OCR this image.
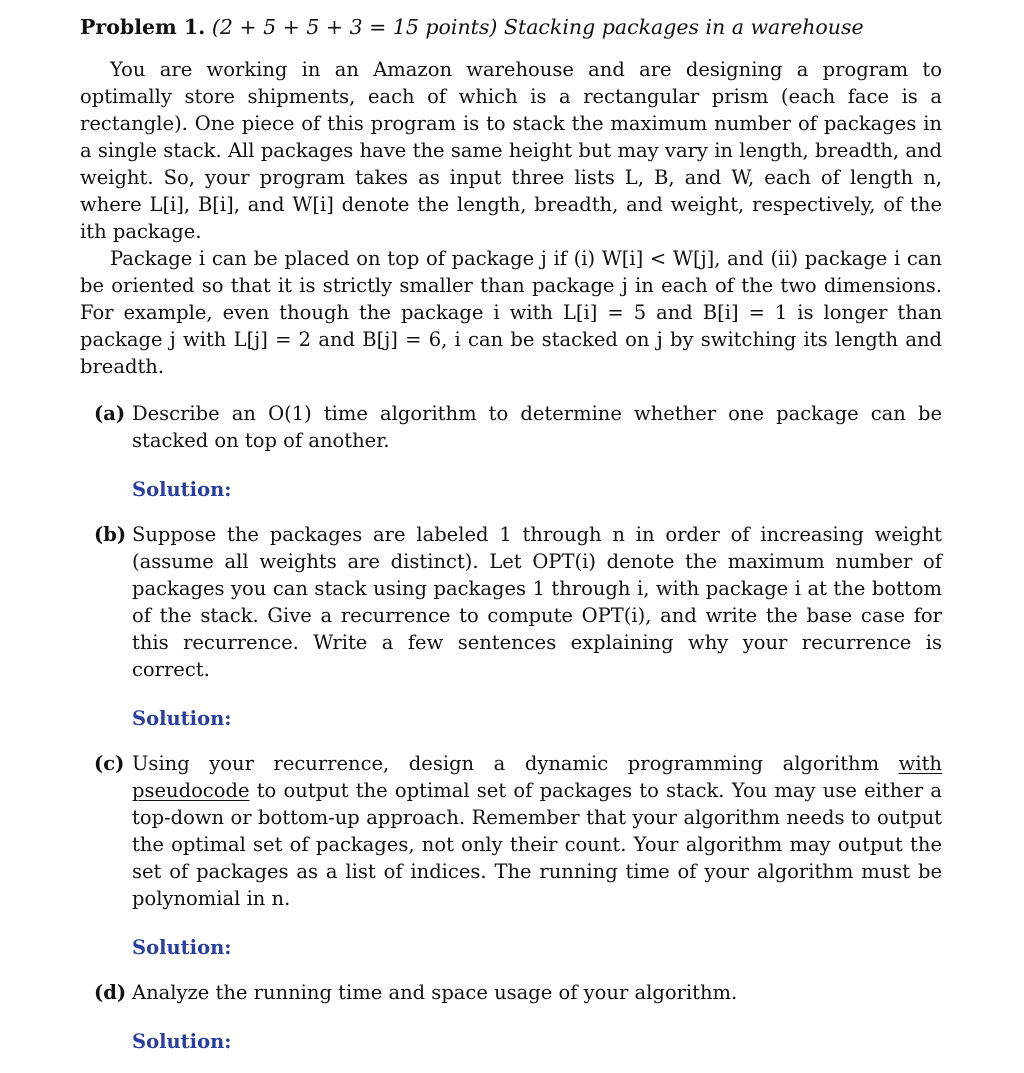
Problem 1. (2 + 5 + 5 + 3 = 15 points) Stacking packages in a warehouse

You are working in an Amazon warehouse and are designing a program to optimally store shipments, each of which is a rectangular prism (each face is a rectangle). One piece of this program is to stack the maximum number of packages in a single stack. All packages have the same height but may vary in length, breadth, and weight. So, your program takes as input three lists L, B, and W, each of length n, where L[i], B[i], and W[i] denote the length, breadth, and weight, respectively, of the ith package.

Package i can be placed on top of package j if (i) W[i] < W[j], and (ii) package i can be oriented so that it is strictly smaller than package j in each of the two dimensions. For example, even though the package i with L[i] = 5 and B[i] = 1 is longer than package j with L[j] = 2 and B[j] = 6, i can be stacked on j by switching its length and breadth.

(a) Describe an O(1) time algorithm to determine whether one package can be stacked on top of another.

Solution:
(b) Suppose the packages are labeled 1 through n in order of increasing weight (assume all weights are distinct). Let OPT(i) denote the maximum number of packages you can stack using packages 1 through i, with package i at the bottom of the stack. Give a recurrence to compute OPT(i), and write the base case for this recurrence. Write a few sentences explaining why your recurrence is correct.

Solution:
(c) Using your recurrence, design a dynamic programming algorithm with pseudocode to output the optimal set of packages to stack. You may use either a top-down or bottom-up approach. Remember that your algorithm needs to output the optimal set of packages, not only their count. Your algorithm may output the set of packages as a list of indices. The running time of your algorithm must be polynomial in n.

Solution:
(d) Analyze the running time and space usage of your algorithm.

Solution:
